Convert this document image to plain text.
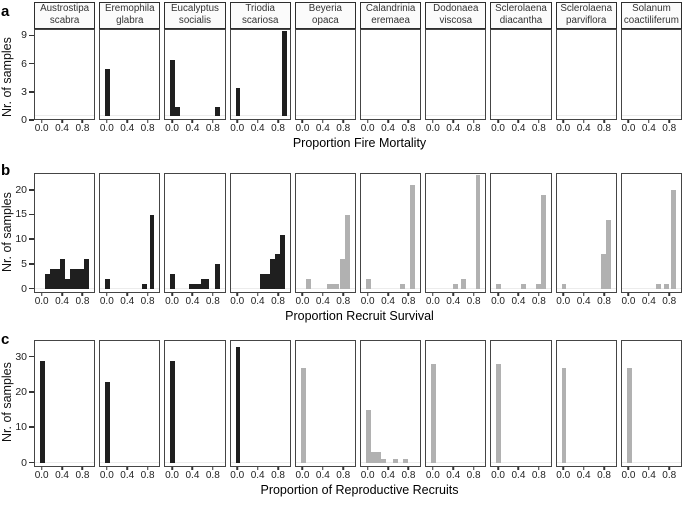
a
Nr. of samples
0
3
6
9
Austrostipa
scabra
0.0 0.4 0.8
Eremophila
glabra
0.0 0.4 0.8
Eucalyptus
socialis
0.0 0.4 0.8
Triodia
scariosa
0.0 0.4 0.8
Beyeria
opaca
0.0 0.4 0.8
Calandrinia
eremaea
0.0 0.4 0.8
Dodonaea
viscosa
0.0 0.4 0.8
Sclerolaena
diacantha
0.0 0.4 0.8
Sclerolaena
parviflora
0.0 0.4 0.8
Solanum
coactiliferum
0.0 0.4 0.8
Proportion Fire Mortality
b
Nr. of samples
0
5
10
15
20
0.0 0.4 0.8 0.0 0.4 0.8 0.0 0.4 0.8 0.0 0.4 0.8 0.0 0.4 0.8 0.0 0.4 0.8 0.0 0.4 0.8 0.0 0.4 0.8 0.0 0.4 0.8 0.0 0.4 0.8
Proportion Recruit Survival
c
Nr. of samples
0
10
20
30
0.0 0.4 0.8 0.0 0.4 0.8 0.0 0.4 0.8 0.0 0.4 0.8 0.0 0.4 0.8 0.0 0.4 0.8 0.0 0.4 0.8 0.0 0.4 0.8 0.0 0.4 0.8 0.0 0.4 0.8
Proportion of Reproductive Recruits
